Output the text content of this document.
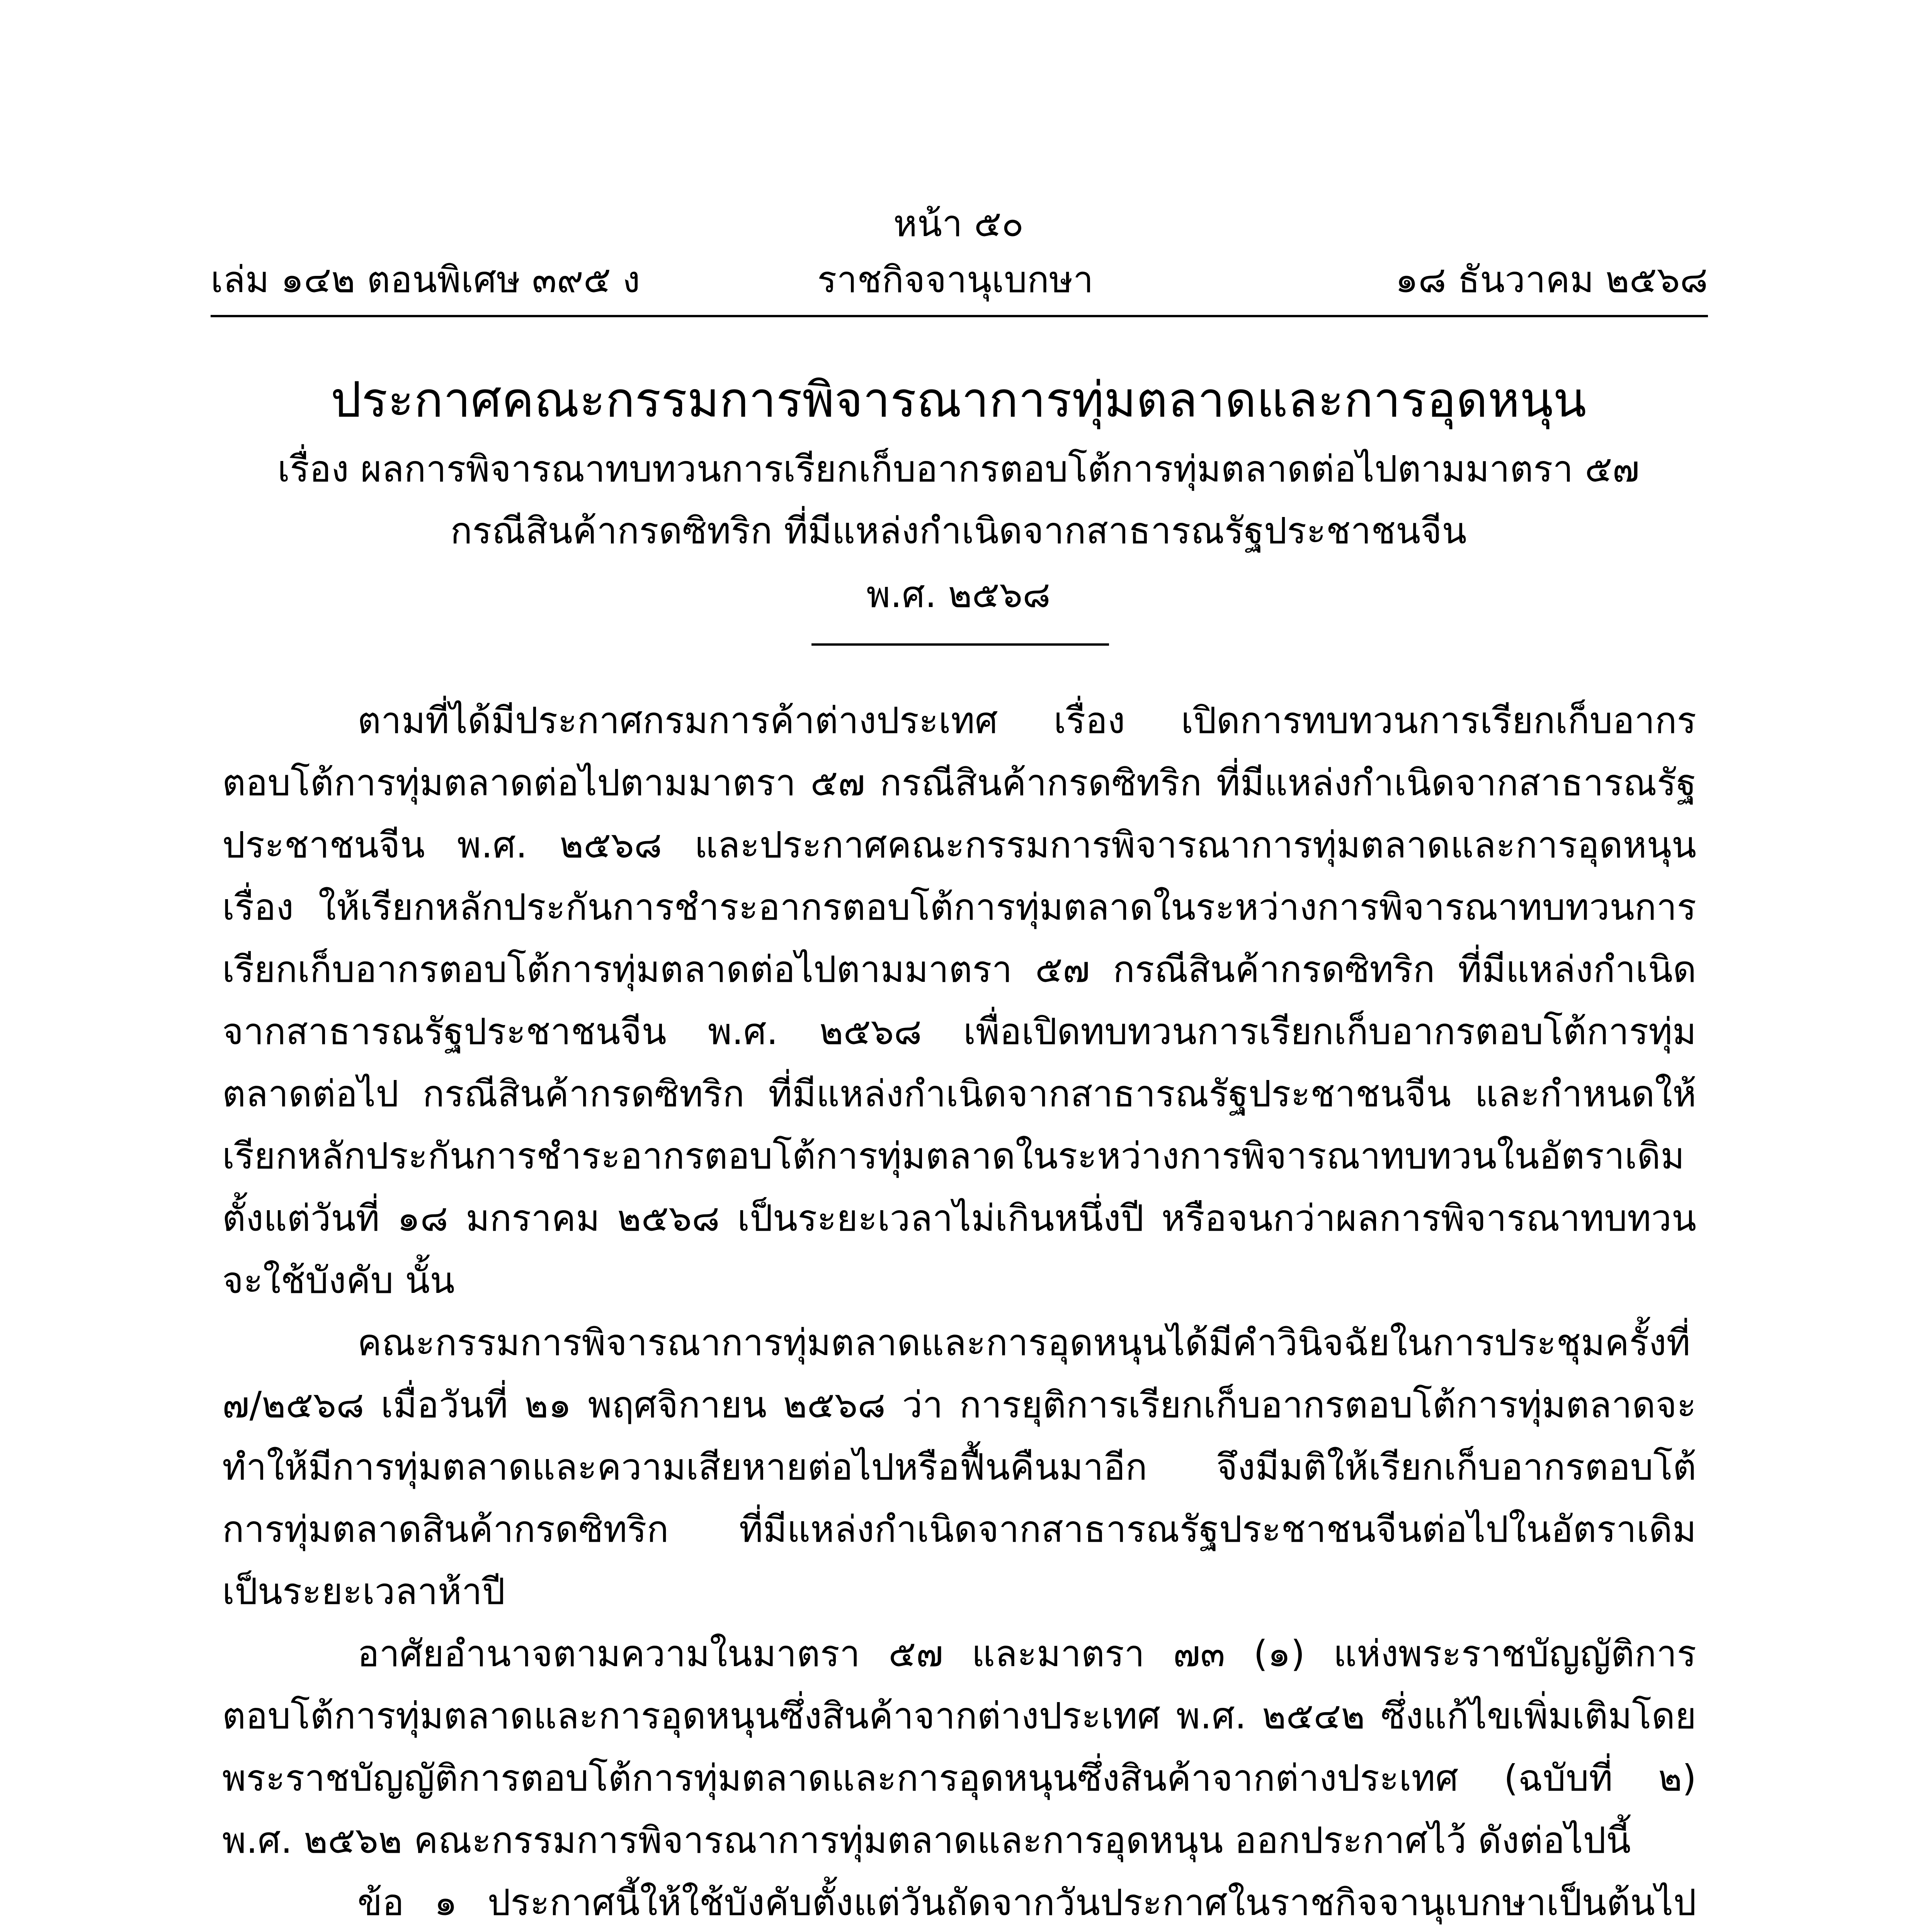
หน้า ๕๐
เล่ม ๑๔๒ ตอนพิเศษ ๓๙๕ ง	ราชกิจจานุเบกษา	๑๘ ธันวาคม ๒๕๖๘
ประกาศคณะกรรมการพิจารณาการทุ่มตลาดและการอุดหนุน
เรื่อง ผลการพิจารณาทบทวนการเรียกเก็บอากรตอบโต้การทุ่มตลาดต่อไปตามมาตรา ๕๗
กรณีสินค้ากรดซิทริก ที่มีแหล่งกำเนิดจากสาธารณรัฐประชาชนจีน
พ.ศ. ๒๕๖๘

ตามที่ได้มีประกาศกรมการค้าต่างประเทศ เรื่อง เปิดการทบทวนการเรียกเก็บอากรตอบโต้การทุ่มตลาดต่อไปตามมาตรา ๕๗ กรณีสินค้ากรดซิทริก ที่มีแหล่งกำเนิดจากสาธารณรัฐประชาชนจีน พ.ศ. ๒๕๖๘ และประกาศคณะกรรมการพิจารณาการทุ่มตลาดและการอุดหนุน เรื่อง ให้เรียกหลักประกันการชำระอากรตอบโต้การทุ่มตลาดในระหว่างการพิจารณาทบทวนการเรียกเก็บอากรตอบโต้การทุ่มตลาดต่อไปตามมาตรา ๕๗ กรณีสินค้ากรดซิทริก ที่มีแหล่งกำเนิดจากสาธารณรัฐประชาชนจีน พ.ศ. ๒๕๖๘ เพื่อเปิดทบทวนการเรียกเก็บอากรตอบโต้การทุ่มตลาดต่อไป กรณีสินค้ากรดซิทริก ที่มีแหล่งกำเนิดจากสาธารณรัฐประชาชนจีน และกำหนดให้เรียกหลักประกันการชำระอากรตอบโต้การทุ่มตลาดในระหว่างการพิจารณาทบทวนในอัตราเดิมตั้งแต่วันที่ ๑๘ มกราคม ๒๕๖๘ เป็นระยะเวลาไม่เกินหนึ่งปี หรือจนกว่าผลการพิจารณาทบทวนจะใช้บังคับ นั้น

คณะกรรมการพิจารณาการทุ่มตลาดและการอุดหนุนได้มีคำวินิจฉัยในการประชุมครั้งที่ ๗/๒๕๖๘ เมื่อวันที่ ๒๑ พฤศจิกายน ๒๕๖๘ ว่า การยุติการเรียกเก็บอากรตอบโต้การทุ่มตลาดจะทำให้มีการทุ่มตลาดและความเสียหายต่อไปหรือฟื้นคืนมาอีก จึงมีมติให้เรียกเก็บอากรตอบโต้การทุ่มตลาดสินค้ากรดซิทริก ที่มีแหล่งกำเนิดจากสาธารณรัฐประชาชนจีนต่อไปในอัตราเดิมเป็นระยะเวลาห้าปี

อาศัยอำนาจตามความในมาตรา ๕๗ และมาตรา ๗๓ (๑) แห่งพระราชบัญญัติการตอบโต้การทุ่มตลาดและการอุดหนุนซึ่งสินค้าจากต่างประเทศ พ.ศ. ๒๕๔๒ ซึ่งแก้ไขเพิ่มเติมโดยพระราชบัญญัติการตอบโต้การทุ่มตลาดและการอุดหนุนซึ่งสินค้าจากต่างประเทศ (ฉบับที่ ๒) พ.ศ. ๒๕๖๒ คณะกรรมการพิจารณาการทุ่มตลาดและการอุดหนุน ออกประกาศไว้ ดังต่อไปนี้

ข้อ ๑ ประกาศนี้ให้ใช้บังคับตั้งแต่วันถัดจากวันประกาศในราชกิจจานุเบกษาเป็นต้นไป
